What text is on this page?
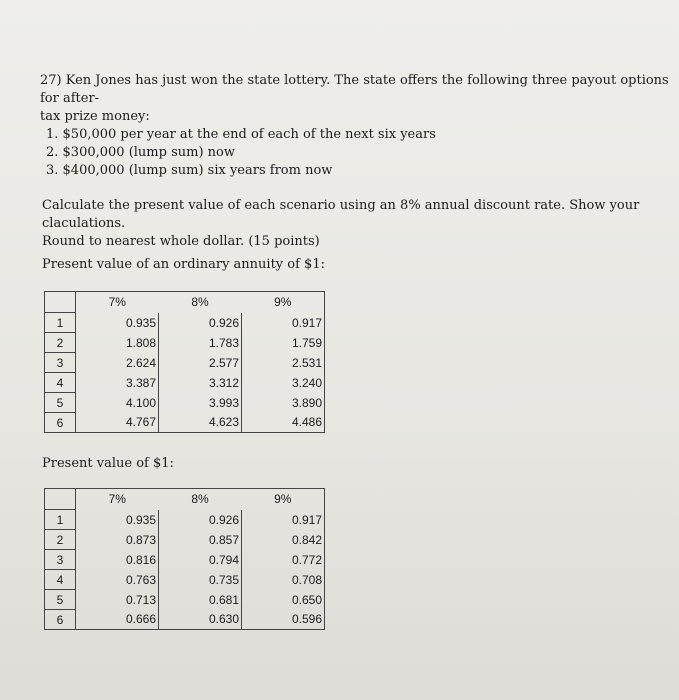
27) Ken Jones has just won the state lottery. The state offers the following three payout options for after-
tax prize money:
1. $50,000 per year at the end of each of the next six years
2. $300,000 (lump sum) now
3. $400,000 (lump sum) six years from now
Calculate the present value of each scenario using an 8% annual discount rate. Show your claculations.
Round to nearest whole dollar. (15 points)
Present value of an ordinary annuity of $1:
	7%	8%	9%
1	0.935	0.926	0.917
2	1.808	1.783	1.759
3	2.624	2.577	2.531
4	3.387	3.312	3.240
5	4.100	3.993	3.890
6	4.767	4.623	4.486
Present value of $1:
	7%	8%	9%
1	0.935	0.926	0.917
2	0.873	0.857	0.842
3	0.816	0.794	0.772
4	0.763	0.735	0.708
5	0.713	0.681	0.650
6	0.666	0.630	0.596
